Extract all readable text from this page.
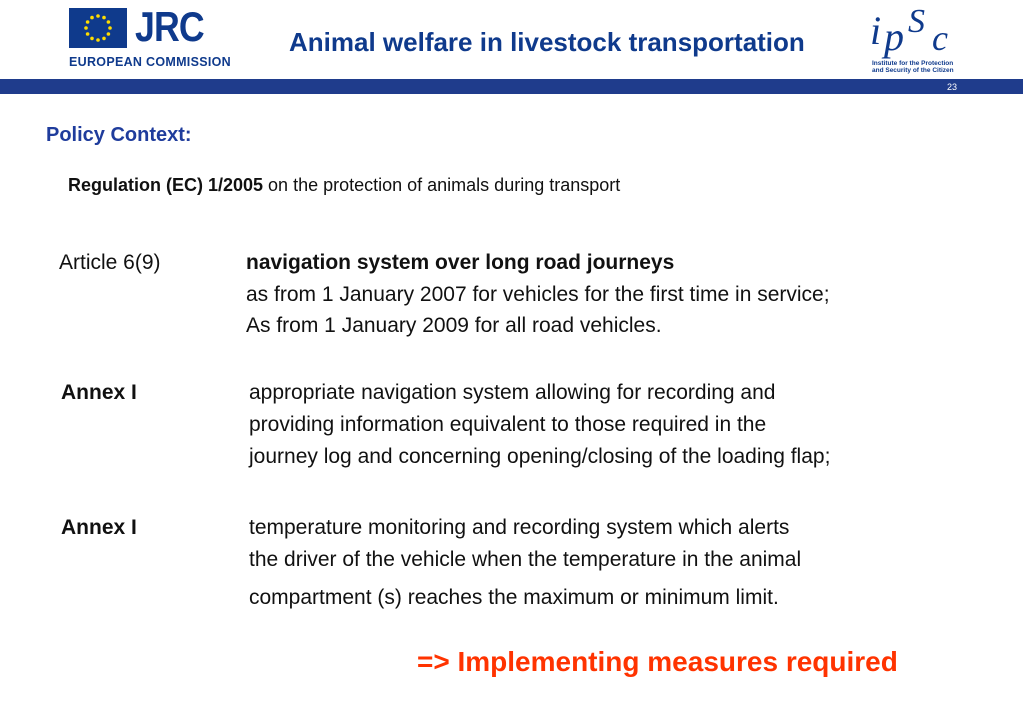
JRC
EUROPEAN COMMISSION
Animal welfare in livestock transportation i p S c
Institute for the Protection
and Security of the Citizen
23
Policy Context:
Regulation (EC) 1/2005 on the protection of animals during transport
Article 6(9)	navigation system over long road journeys
as from 1 January 2007 for vehicles for the first time in service;
As from 1 January 2009 for all road vehicles.
Annex I	appropriate navigation system allowing for recording and
providing information equivalent to those required in the
journey log and concerning opening/closing of the loading flap;
Annex I	temperature monitoring and recording system which alerts
the driver of the vehicle when the temperature in the animal
compartment (s) reaches the maximum or minimum limit.
=> Implementing measures required
